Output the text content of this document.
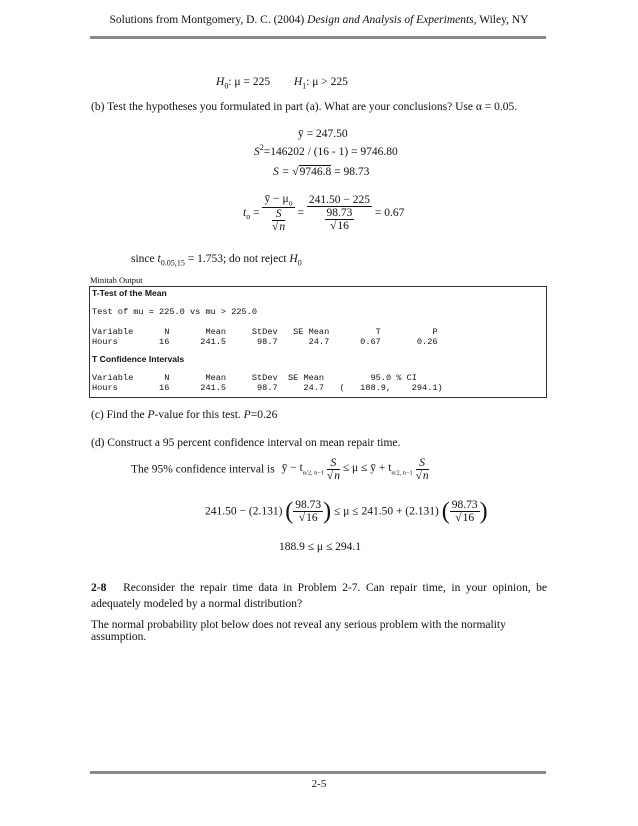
Solutions from Montgomery, D. C. (2004) Design and Analysis of Experiments, Wiley, NY
$H_0$: μ = 225 $H_1$: μ > 225
(b) Test the hypotheses you formulated in part (a). What are your conclusions? Use α = 0.05.
ȳ = 247.50
$S^2=146202 / (16 - 1) = 9746.80$
S = √9746.8 = 98.73
$t_o = \frac{ȳ - \mu_o}{\frac{S}{√n}} = \frac{241.50 - 225}{\frac{98.73}{√16}} = 0.67$
since $t_{0.05,15} = 1.753$; do not reject $H_0$
Minitab Output
T-Test of the Mean
Test of mu = 225.0 vs mu > 225.0
Variable      N       Mean     StDev   SE Mean         T          P
Hours        16      241.5      98.7      24.7      0.67       0.26
T Confidence Intervals
Variable      N       Mean     StDev  SE Mean         95.0 % CI
Hours        16      241.5      98.7     24.7   (   188.9,    294.1)
(c) Find the P-value for this test. P=0.26
(d) Construct a 95 percent confidence interval on mean repair time.
The 95% confidence interval is ȳ − $t_{\alpha/2, n-1} \frac{S}{√n} \le \mu$ ≤ ȳ + $t_{\alpha/2, n-1} \frac{S}{√n}$
241.50 − (2.131) ( $\frac{98.73}{√16}$ ) ≤ μ ≤ 241.50 + (2.131) ( $\frac{98.73}{√16}$ )
188.9 ≤ μ ≤ 294.1
2-8 Reconsider the repair time data in Problem 2-7. Can repair time, in your opinion, be adequately modeled by a normal distribution?
The normal probability plot below does not reveal any serious problem with the normality assumption.
2-5
